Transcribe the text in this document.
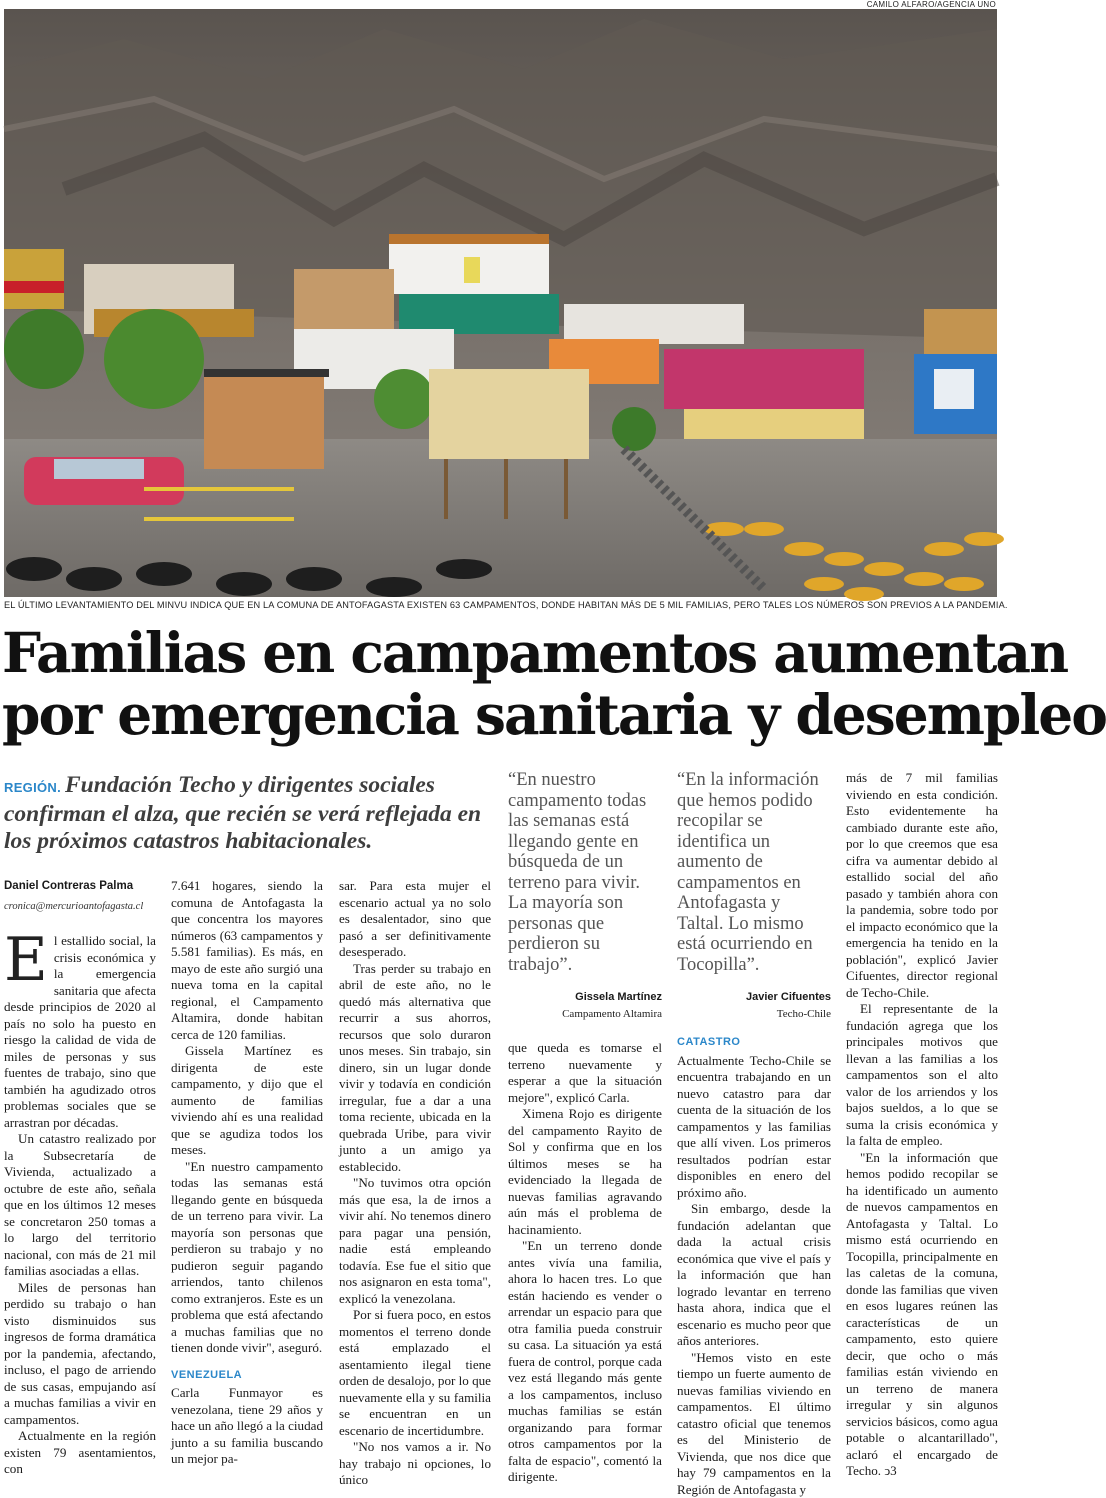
CAMILO ALFARO/AGENCIA UNO
EL ÚLTIMO LEVANTAMIENTO DEL MINVU INDICA QUE EN LA COMUNA DE ANTOFAGASTA EXISTEN 63 CAMPAMENTOS, DONDE HABITAN MÁS DE 5 MIL FAMILIAS, PERO TALES LOS NÚMEROS SON PREVIOS A LA PANDEMIA.
Familias en campamentos aumentan
por emergencia sanitaria y desempleo
REGIÓN. Fundación Techo y dirigentes sociales confirman el alza, que recién se verá reflejada en los próximos catastros habitacionales.
Daniel Contreras Palma
cronica@mercurioantofagasta.cl

El estallido social, la crisis económica y la emergencia sanitaria que afecta desde principios de 2020 al país no solo ha puesto en riesgo la calidad de vida de miles de personas y sus fuentes de trabajo, sino que también ha agudizado otros problemas sociales que se arrastran por décadas.

Un catastro realizado por la Subsecretaría de Vivienda, actualizado a octubre de este año, señala que en los últimos 12 meses se concretaron 250 tomas a lo largo del territorio nacional, con más de 21 mil familias asociadas a ellas.

Miles de personas han perdido su trabajo o han visto disminuidos sus ingresos de forma dramática por la pandemia, afectando, incluso, el pago de arriendo de sus casas, empujando así a muchas familias a vivir en campamentos.

Actualmente en la región existen 79 asentamientos, con

7.641 hogares, siendo la comuna de Antofagasta la que concentra los mayores números (63 campamentos y 5.581 familias). Es más, en mayo de este año surgió una nueva toma en la capital regional, el Campamento Altamira, donde habitan cerca de 120 familias.

Gissela Martínez es dirigenta de este campamento, y dijo que el aumento de familias viviendo ahí es una realidad que se agudiza todos los meses.

"En nuestro campamento todas las semanas está llegando gente en búsqueda de un terreno para vivir. La mayoría son personas que perdieron su trabajo y no pudieron seguir pagando arriendos, tanto chilenos como extranjeros. Este es un problema que está afectando a muchas familias que no tienen donde vivir", aseguró.

VENEZUELA

Carla Funmayor es venezolana, tiene 29 años y hace un año llegó a la ciudad junto a su familia buscando un mejor pa-

sar. Para esta mujer el escenario actual ya no solo es desalentador, sino que pasó a ser definitivamente desesperado.

Tras perder su trabajo en abril de este año, no le quedó más alternativa que recurrir a sus ahorros, recursos que solo duraron unos meses. Sin trabajo, sin dinero, sin un lugar donde vivir y todavía en condición irregular, fue a dar a una toma reciente, ubicada en la quebrada Uribe, para vivir junto a un amigo ya establecido.

"No tuvimos otra opción más que esa, la de irnos a vivir ahí. No tenemos dinero para pagar una pensión, nadie está empleando todavía. Ese fue el sitio que nos asignaron en esta toma", explicó la venezolana.

Por si fuera poco, en estos momentos el terreno donde está emplazado el asentamiento ilegal tiene orden de desalojo, por lo que nuevamente ella y su familia se encuentran en un escenario de incertidumbre.

"No nos vamos a ir. No hay trabajo ni opciones, lo único

“En nuestro campamento todas las semanas está llegando gente en búsqueda de un terreno para vivir. La mayoría son personas que perdieron su trabajo”.
Gissela Martínez
Campamento Altamira

que queda es tomarse el terreno nuevamente y esperar a que la situación mejore", explicó Carla.

Ximena Rojo es dirigente del campamento Rayito de Sol y confirma que en los últimos meses se ha evidenciado la llegada de nuevas familias agravando aún más el problema de hacinamiento.

"En un terreno donde antes vivía una familia, ahora lo hacen tres. Lo que están haciendo es vender o arrendar un espacio para que otra familia pueda construir su casa. La situación ya está fuera de control, porque cada vez está llegando más gente a los campamentos, incluso muchas familias se están organizando para formar otros campamentos por la falta de espacio", comentó la dirigente.

“En la información que hemos podido recopilar se identifica un aumento de campamentos en Antofagasta y Taltal. Lo mismo está ocurriendo en Tocopilla”.
Javier Cifuentes
Techo-Chile
CATASTRO

Actualmente Techo-Chile se encuentra trabajando en un nuevo catastro para dar cuenta de la situación de los campamentos y las familias que allí viven. Los primeros resultados podrían estar disponibles en enero del próximo año.

Sin embargo, desde la fundación adelantan que dada la actual crisis económica que vive el país y la información que han logrado levantar en terreno hasta ahora, indica que el escenario es mucho peor que años anteriores.

"Hemos visto en este tiempo un fuerte aumento de nuevas familias viviendo en campamentos. El último catastro oficial que tenemos es del Ministerio de Vivienda, que nos dice que hay 79 campamentos en la Región de Antofagasta y

más de 7 mil familias viviendo en esta condición. Esto evidentemente ha cambiado durante este año, por lo que creemos que esa cifra va aumentar debido al estallido social del año pasado y también ahora con la pandemia, sobre todo por el impacto económico que la emergencia ha tenido en la población", explicó Javier Cifuentes, director regional de Techo-Chile.

El representante de la fundación agrega que los principales motivos que llevan a las familias a los campamentos son el alto valor de los arriendos y los bajos sueldos, a lo que se suma la crisis económica y la falta de empleo.

"En la información que hemos podido recopilar se ha identificado un aumento de nuevos campamentos en Antofagasta y Taltal. Lo mismo está ocurriendo en Tocopilla, principalmente en las caletas de la comuna, donde las familias que viven en esos lugares reúnen las características de un campamento, esto quiere decir, que ocho o más familias están viviendo en un terreno de manera irregular y sin algunos servicios básicos, como agua potable o alcantarillado", aclaró el encargado de Techo. ↄ3
